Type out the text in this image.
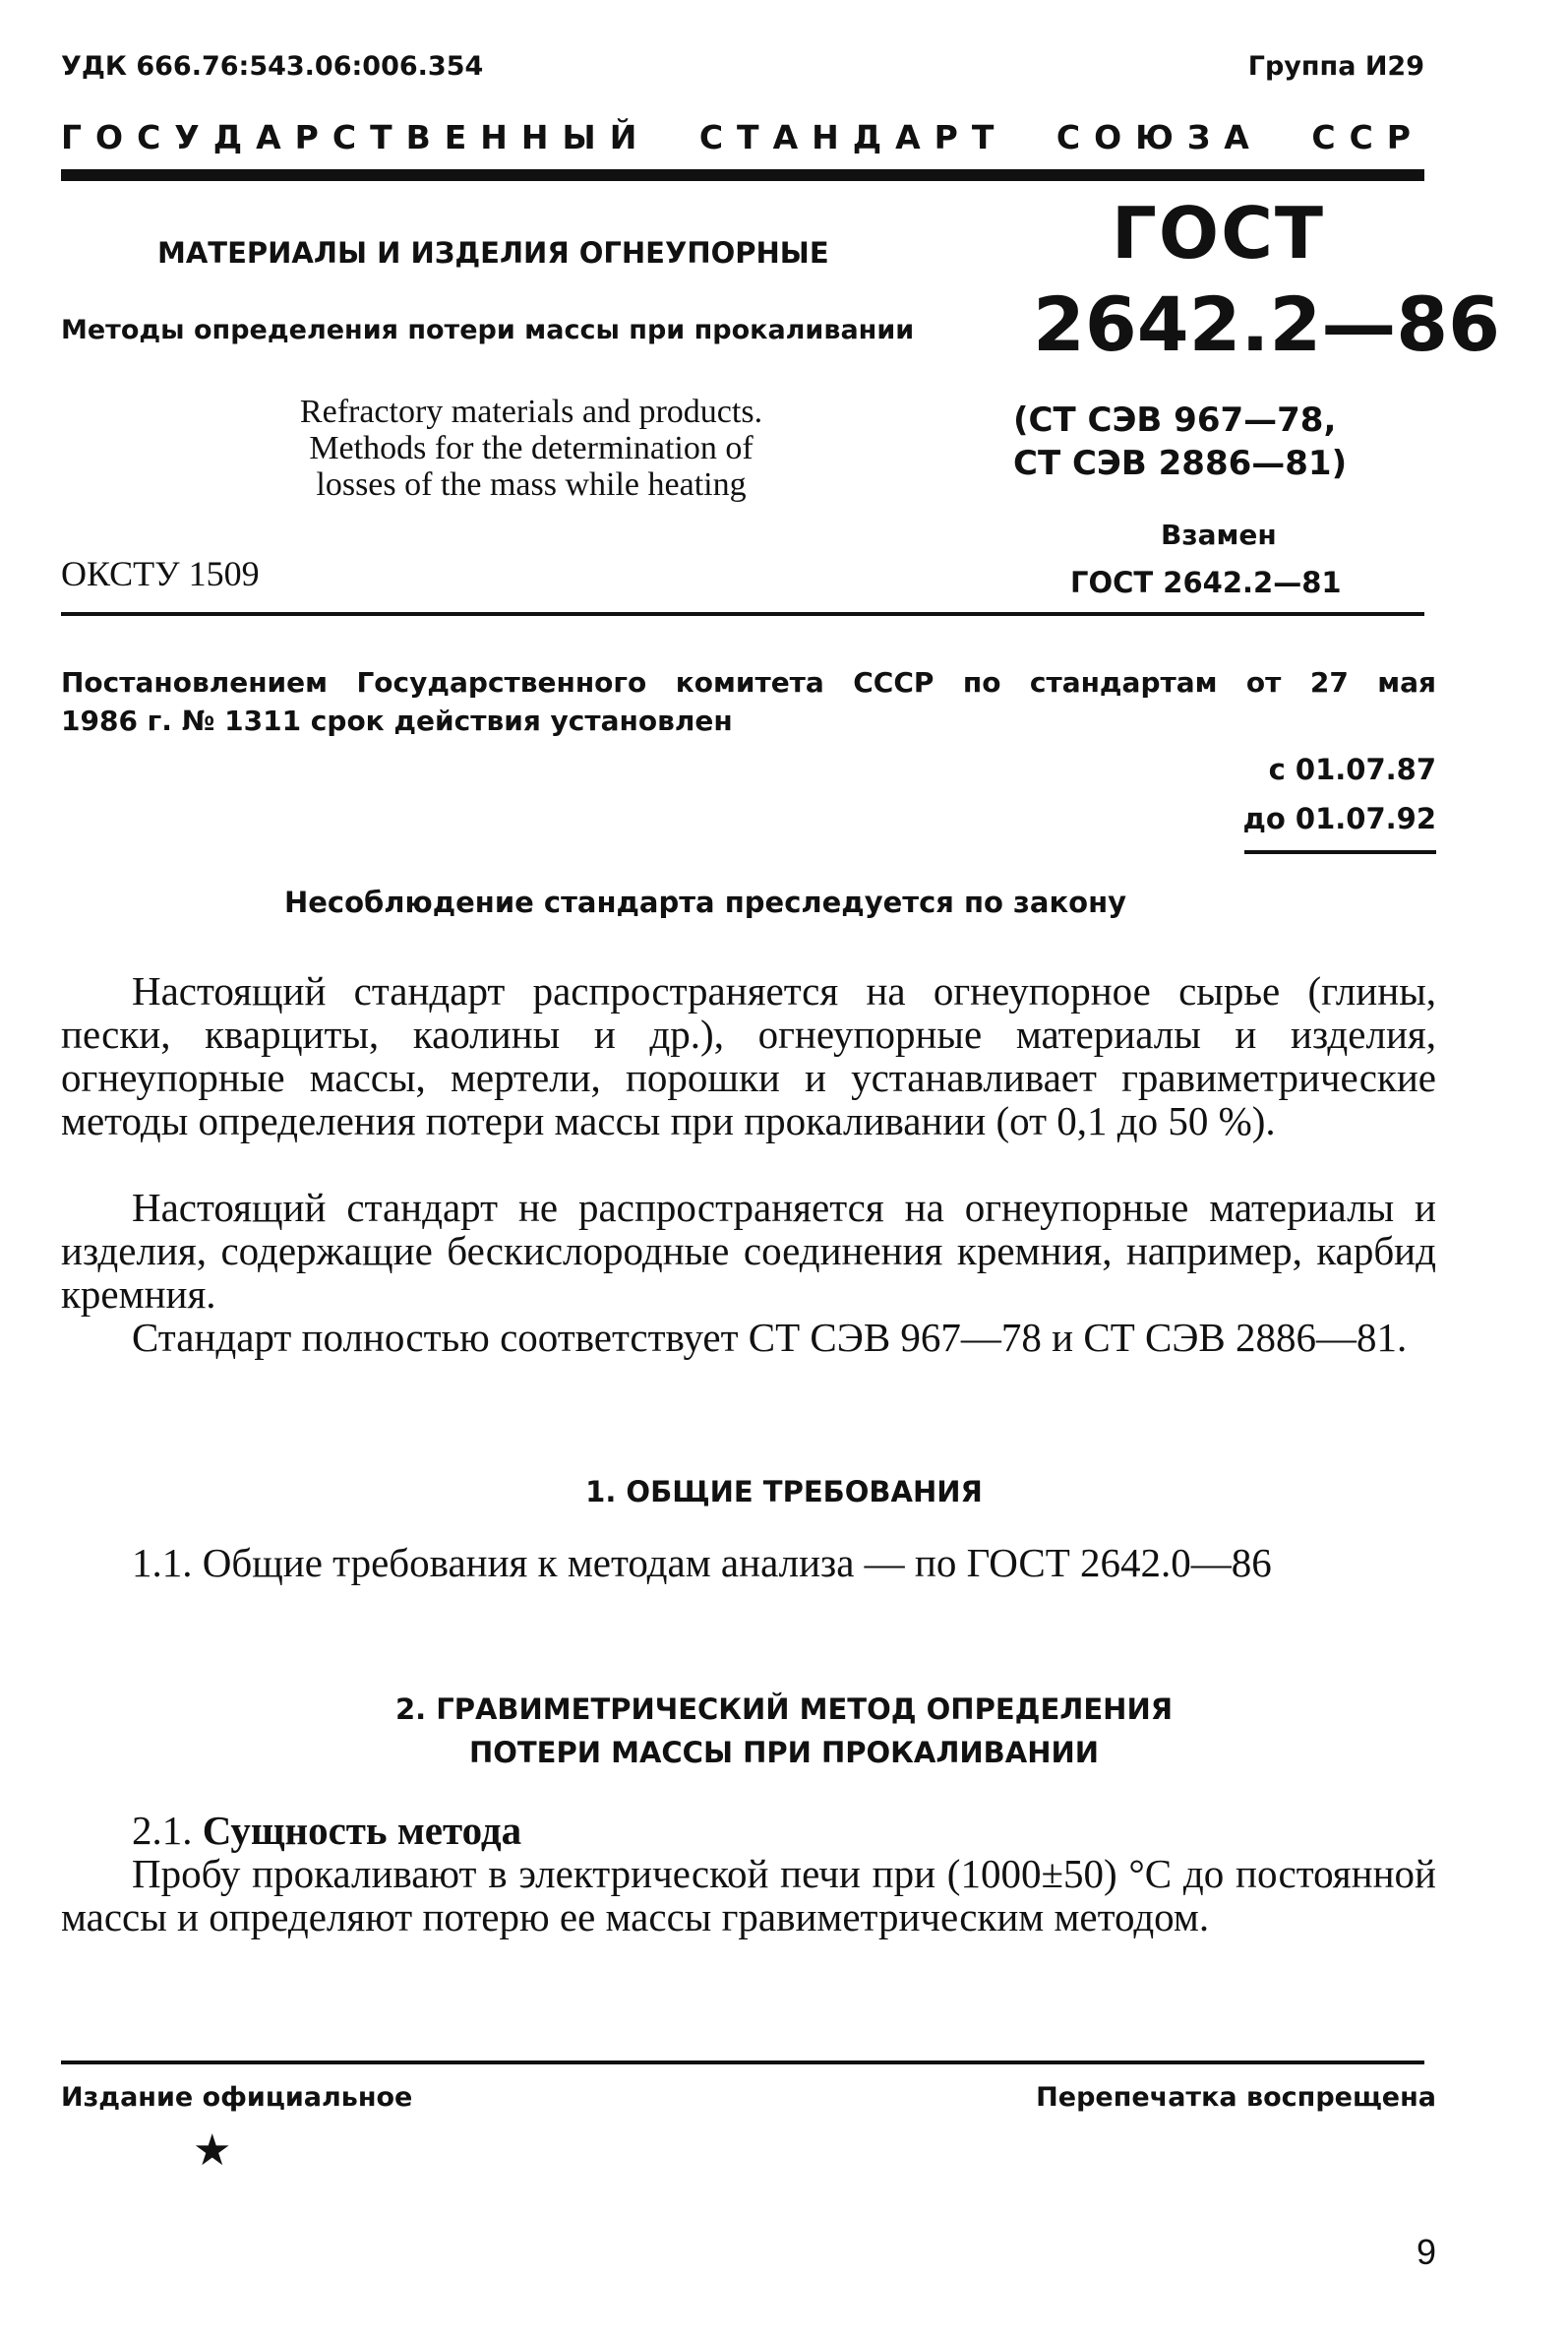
УДК 666.76:543.06:006.354	Группа И29
ГОСУДАРСТВЕННЫЙ СТАНДАРТ СОЮЗА ССР
МАТЕРИАЛЫ И ИЗДЕЛИЯ ОГНЕУПОРНЫЕ
Методы определения потери массы при прокаливании
ГОСТ
2642.2—86
Refractory materials and products.
Methods for the determination of
losses of the mass while heating
(СТ СЭВ 967—78,
СТ СЭВ 2886—81)
ОКСТУ 1509
Взамен
ГОСТ 2642.2—81
Постановлением Государственного комитета СССР по стандартам от 27 мая
1986 г. № 1311 срок действия установлен
с 01.07.87
до 01.07.92
Несоблюдение стандарта преследуется по закону
Настоящий стандарт распространяется на огнеупорное сырье (глины, пески, кварциты, каолины и др.), огнеупорные материалы и изделия, огнеупорные массы, мертели, порошки и устанавливает гравиметрические методы определения потери массы при прокаливании (от 0,1 до 50 %).
Настоящий стандарт не распространяется на огнеупорные материалы и изделия, содержащие бескислородные соединения кремния, например, карбид кремния.
Стандарт полностью соответствует СТ СЭВ 967—78 и СТ СЭВ 2886—81.
1. ОБЩИЕ ТРЕБОВАНИЯ
1.1. Общие требования к методам анализа — по ГОСТ 2642.0—86
2. ГРАВИМЕТРИЧЕСКИЙ МЕТОД ОПРЕДЕЛЕНИЯ
ПОТЕРИ МАССЫ ПРИ ПРОКАЛИВАНИИ
2.1. Сущность метода
Пробу прокаливают в электрической печи при (1000±50) °С до постоянной массы и определяют потерю ее массы гравиметрическим методом.
Издание официальное	Перепечатка воспрещена
★
9
